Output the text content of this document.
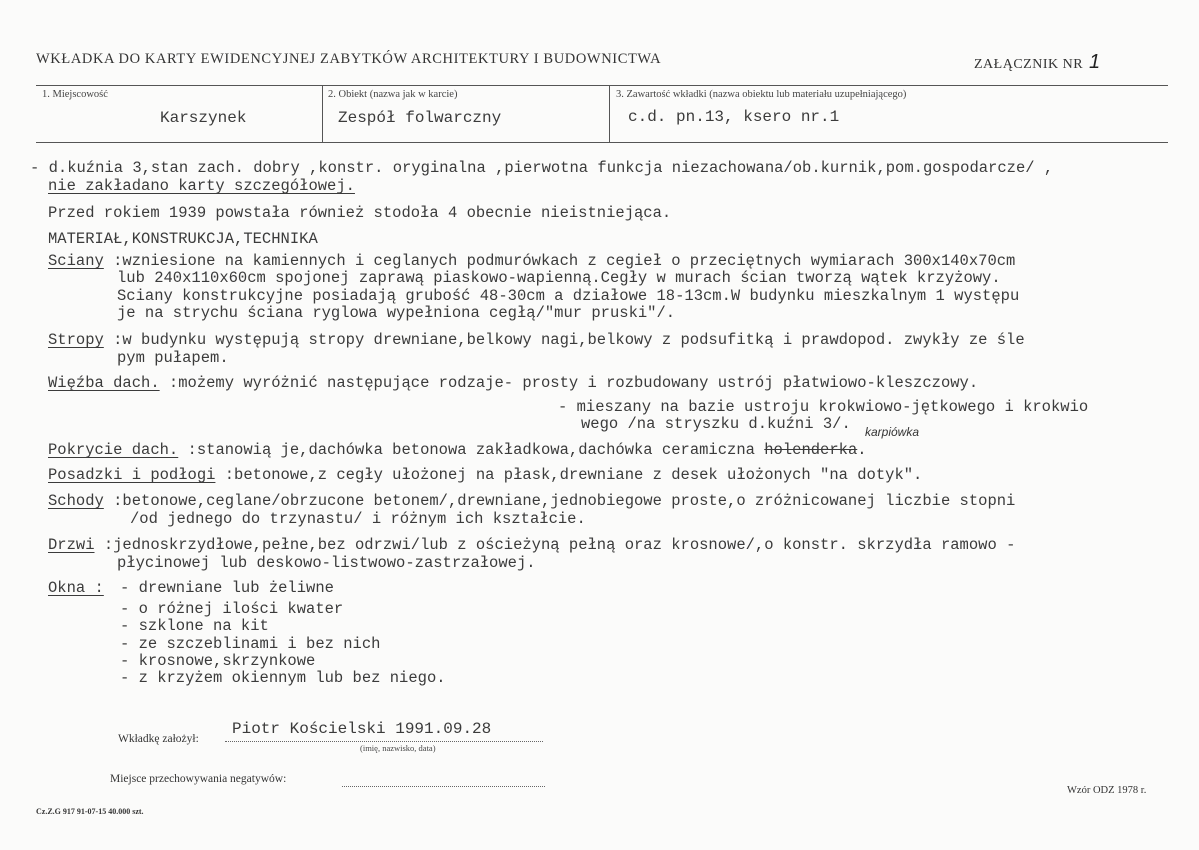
WKŁADKA DO KARTY EWIDENCYJNEJ ZABYTKÓW ARCHITEKTURY I BUDOWNICTWA	ZAŁĄCZNIK NR 1
1. Miejscowość
Karszynek
2. Obiekt (nazwa jak w karcie)
Zespół folwarczny
3. Zawartość wkładki (nazwa obiektu lub materiału uzupełniającego)
c.d. pn.13, ksero nr.1
- d.kuźnia 3,stan zach. dobry ,konstr. oryginalna ,pierwotna funkcja niezachowana/ob.kurnik,pom.gospodarcze/ ,
nie zakładano karty szczegółowej.
Przed rokiem 1939 powstała również stodoła 4 obecnie nieistniejąca.
MATERIAŁ,KONSTRUKCJA,TECHNIKA
Sciany :wzniesione na kamiennych i ceglanych podmurówkach z cegieł o przeciętnych wymiarach 300x140x70cm
lub 240x110x60cm spojonej zaprawą piaskowo-wapienną.Cegły w murach ścian tworzą wątek krzyżowy.
Sciany konstrukcyjne posiadają grubość 48-30cm a działowe 18-13cm.W budynku mieszkalnym 1 występu
je na strychu ściana ryglowa wypełniona cegłą/"mur pruski"/.
Stropy :w budynku występują stropy drewniane,belkowy nagi,belkowy z podsufitką i prawdopod. zwykły ze śle
pym pułapem.
Więźba dach. :możemy wyróżnić następujące rodzaje- prosty i rozbudowany ustrój płatwiowo-kleszczowy.
- mieszany na bazie ustroju krokwiowo-jętkowego i krokwio
wego /na stryszku d.kuźni 3/. karpiówka
Pokrycie dach. :stanowią je,dachówka betonowa zakładkowa,dachówka ceramiczna holenderka.
Posadzki i podłogi :betonowe,z cegły ułożonej na płask,drewniane z desek ułożonych "na dotyk".
Schody :betonowe,ceglane/obrzucone betonem/,drewniane,jednobiegowe proste,o zróżnicowanej liczbie stopni
/od jednego do trzynastu/ i różnym ich kształcie.
Drzwi :jednoskrzydłowe,pełne,bez odrzwi/lub z ościeżyną pełną oraz krosnowe/,o konstr. skrzydła ramowo -
płycinowej lub deskowo-listwowo-zastrzałowej.
Okna : - drewniane lub żeliwne
- o różnej ilości kwater
- szklone na kit
- ze szczeblinami i bez nich
- krosnowe,skrzynkowe
- z krzyżem okiennym lub bez niego.
Wkładkę założył:
Piotr Kościelski 1991.09.28
(imię, nazwisko, data)
Miejsce przechowywania negatywów:
Cz.Z.G 917 91-07-15 40.000 szt.
Wzór ODZ 1978 r.
